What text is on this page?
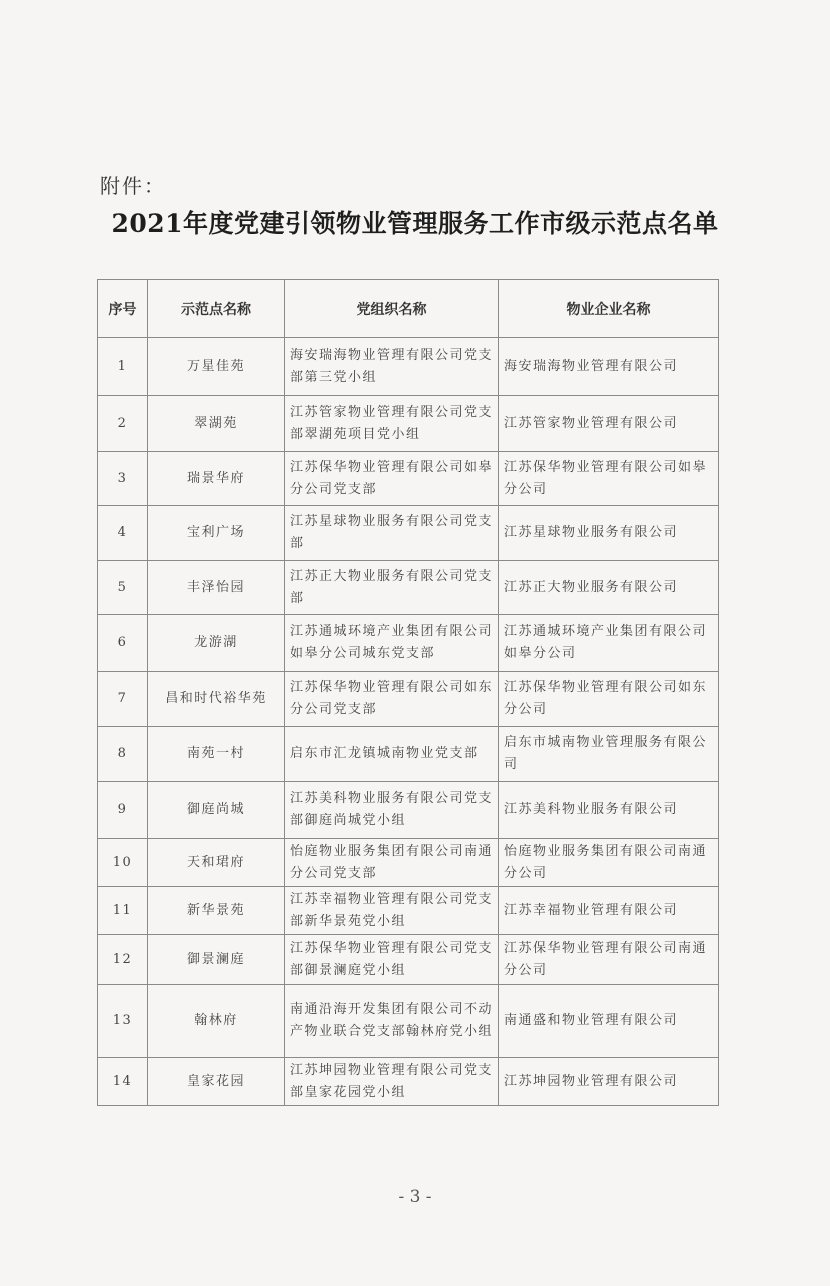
附件：
2021年度党建引领物业管理服务工作市级示范点名单
序号	示范点名称	党组织名称	物业企业名称
1	万星佳苑	海安瑞海物业管理有限公司党支部第三党小组	海安瑞海物业管理有限公司
2	翠湖苑	江苏管家物业管理有限公司党支部翠湖苑项目党小组	江苏管家物业管理有限公司
3	瑞景华府	江苏保华物业管理有限公司如皋分公司党支部	江苏保华物业管理有限公司如皋分公司
4	宝利广场	江苏星球物业服务有限公司党支部	江苏星球物业服务有限公司
5	丰泽怡园	江苏正大物业服务有限公司党支部	江苏正大物业服务有限公司
6	龙游湖	江苏通城环境产业集团有限公司如皋分公司城东党支部	江苏通城环境产业集团有限公司如皋分公司
7	昌和时代裕华苑	江苏保华物业管理有限公司如东分公司党支部	江苏保华物业管理有限公司如东分公司
8	南苑一村	启东市汇龙镇城南物业党支部	启东市城南物业管理服务有限公司
9	御庭尚城	江苏美科物业服务有限公司党支部御庭尚城党小组	江苏美科物业服务有限公司
10	天和珺府	怡庭物业服务集团有限公司南通分公司党支部	怡庭物业服务集团有限公司南通分公司
11	新华景苑	江苏幸福物业管理有限公司党支部新华景苑党小组	江苏幸福物业管理有限公司
12	御景澜庭	江苏保华物业管理有限公司党支部御景澜庭党小组	江苏保华物业管理有限公司南通分公司
13	翰林府	南通沿海开发集团有限公司不动产物业联合党支部翰林府党小组	南通盛和物业管理有限公司
14	皇家花园	江苏坤园物业管理有限公司党支部皇家花园党小组	江苏坤园物业管理有限公司
- 3 -
